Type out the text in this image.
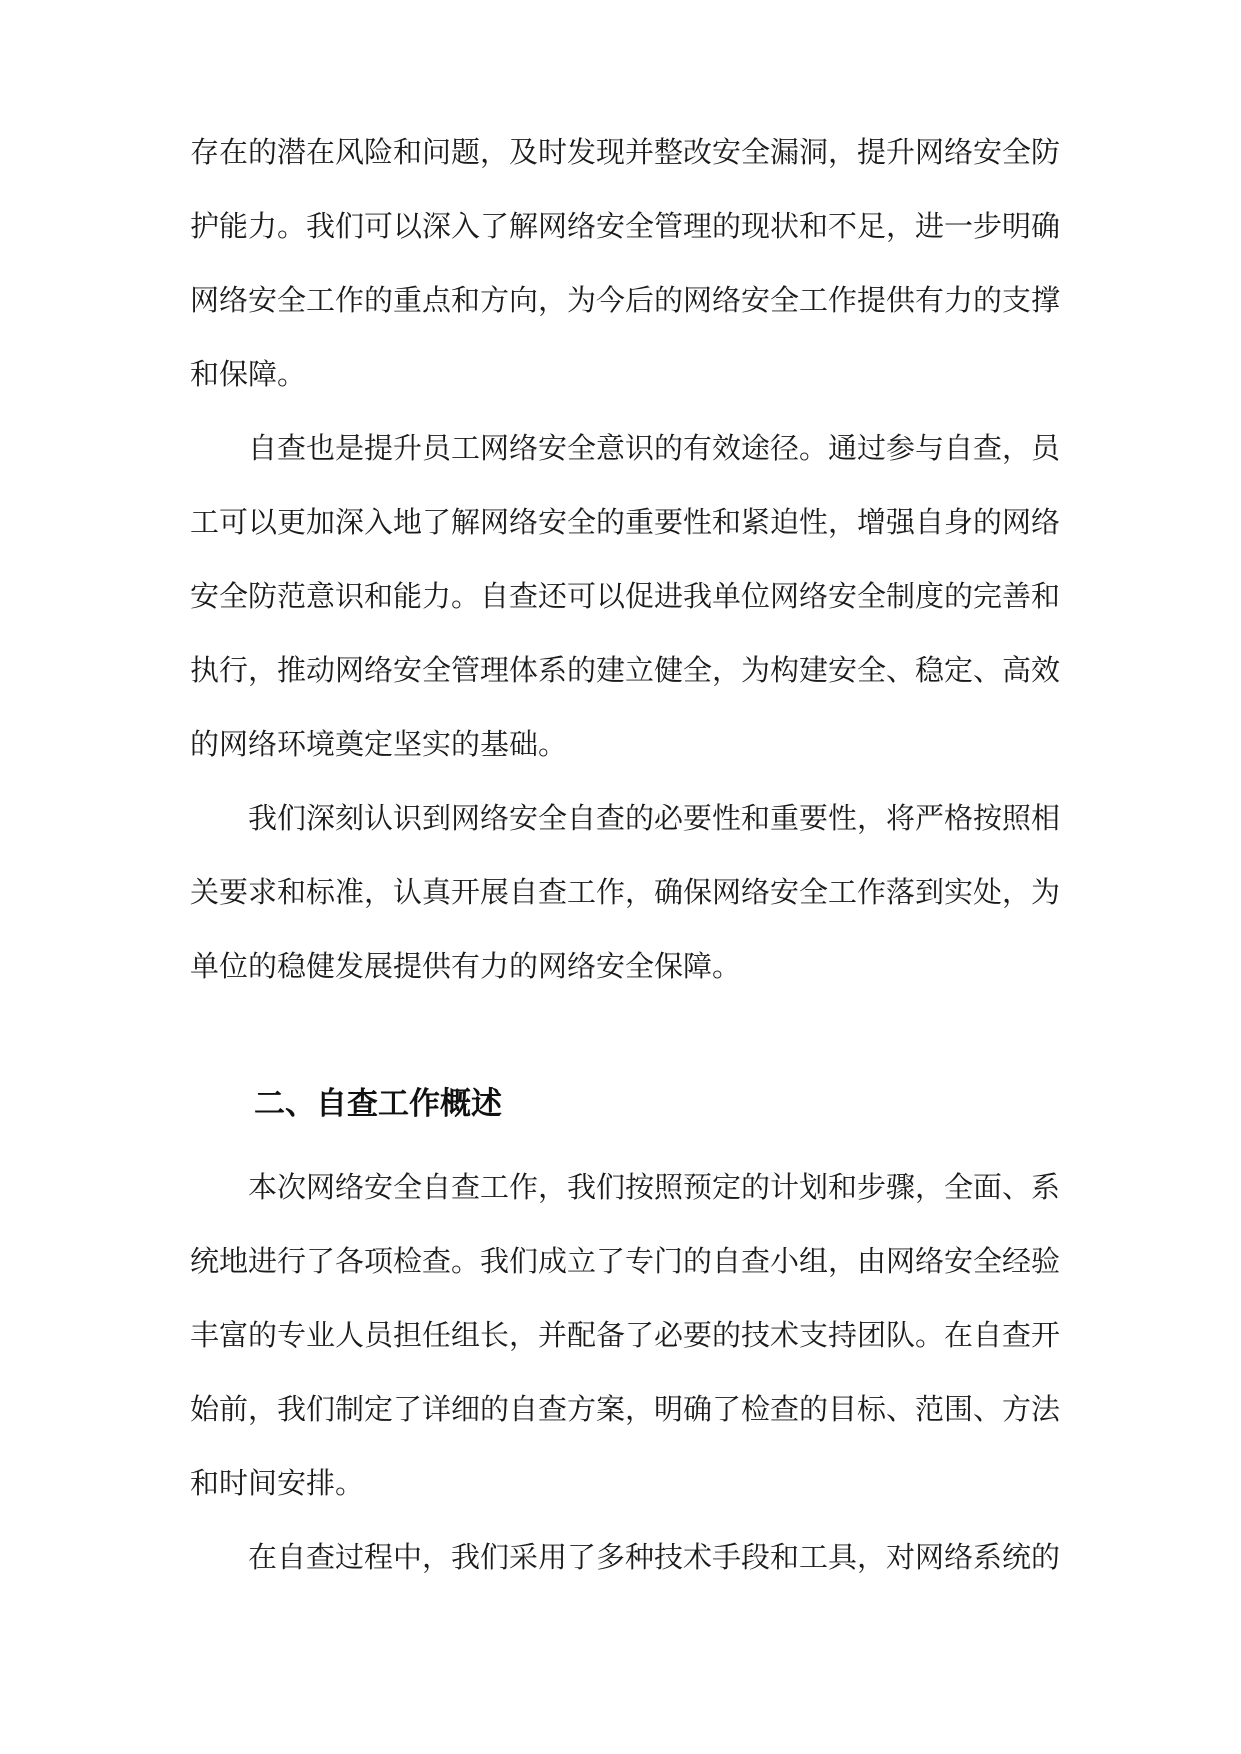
存在的潜在风险和问题，及时发现并整改安全漏洞，提升网络安全防
护能力。我们可以深入了解网络安全管理的现状和不足，进一步明确
网络安全工作的重点和方向，为今后的网络安全工作提供有力的支撑
和保障。
自查也是提升员工网络安全意识的有效途径。通过参与自查，员
工可以更加深入地了解网络安全的重要性和紧迫性，增强自身的网络
安全防范意识和能力。自查还可以促进我单位网络安全制度的完善和
执行，推动网络安全管理体系的建立健全，为构建安全、稳定、高效
的网络环境奠定坚实的基础。
我们深刻认识到网络安全自查的必要性和重要性，将严格按照相
关要求和标准，认真开展自查工作，确保网络安全工作落到实处，为
单位的稳健发展提供有力的网络安全保障。
二、自查工作概述
本次网络安全自查工作，我们按照预定的计划和步骤，全面、系
统地进行了各项检查。我们成立了专门的自查小组，由网络安全经验
丰富的专业人员担任组长，并配备了必要的技术支持团队。在自查开
始前，我们制定了详细的自查方案，明确了检查的目标、范围、方法
和时间安排。
在自查过程中，我们采用了多种技术手段和工具，对网络系统的
